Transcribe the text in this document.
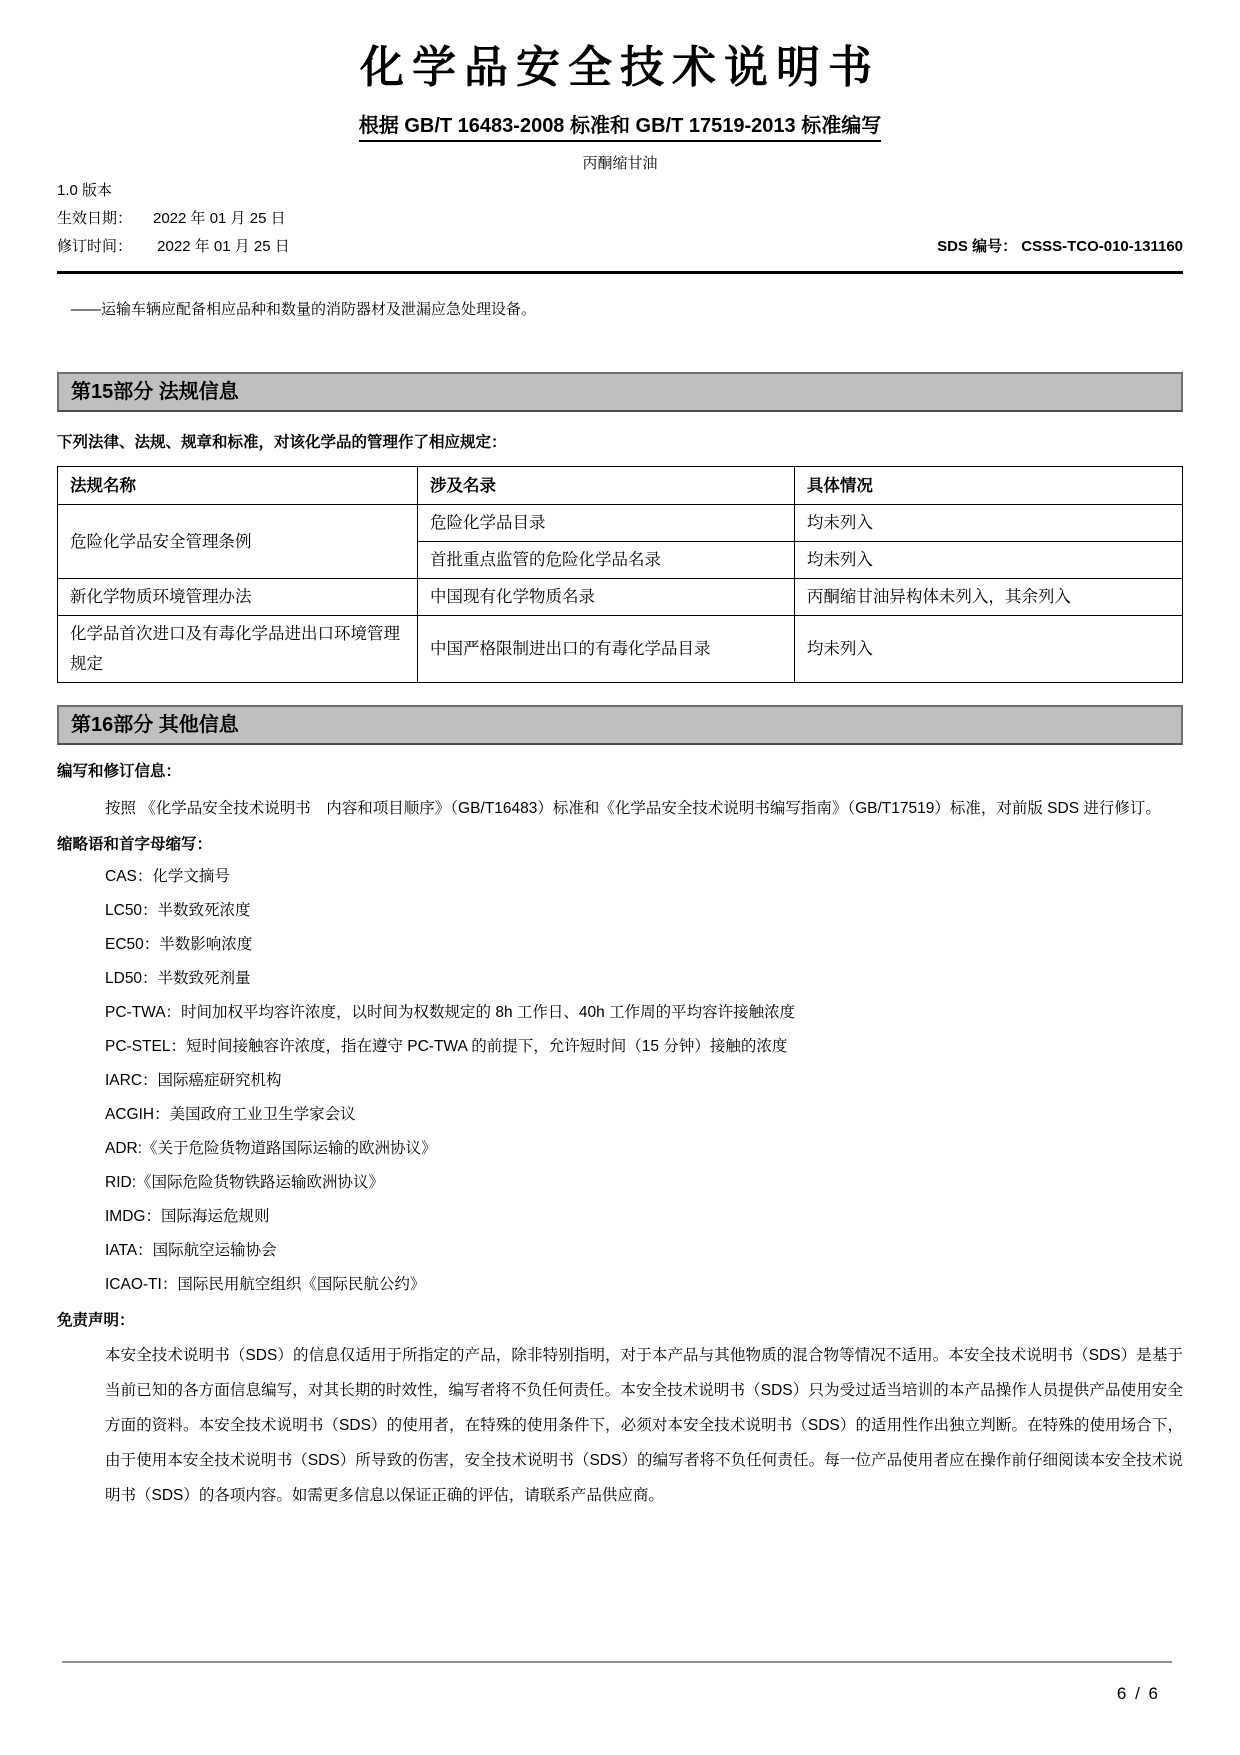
化学品安全技术说明书
根据 GB/T 16483-2008 标准和 GB/T 17519-2013 标准编写
丙酮缩甘油
1.0 版本
生效日期：	2022 年 01 月 25 日
修订时间： 2022 年 01 月 25 日	SDS 编号： CSSS-TCO-010-131160
——运输车辆应配备相应品种和数量的消防器材及泄漏应急处理设备。
第15部分 法规信息
下列法律、法规、规章和标准，对该化学品的管理作了相应规定：
法规名称	涉及名录	具体情况
危险化学品安全管理条例	危险化学品目录	均未列入
	首批重点监管的危险化学品名录	均未列入
新化学物质环境管理办法	中国现有化学物质名录	丙酮缩甘油异构体未列入，其余列入
化学品首次进口及有毒化学品进出口环境管理规定	中国严格限制进出口的有毒化学品目录	均未列入
第16部分 其他信息
编写和修订信息：
按照 《化学品安全技术说明书　内容和项目顺序》（GB/T16483）标准和《化学品安全技术说明书编写指南》（GB/T17519）标准，对前版 SDS 进行修订。
缩略语和首字母缩写：
CAS：化学文摘号
LC50：半数致死浓度
EC50：半数影响浓度
LD50：半数致死剂量
PC-TWA：时间加权平均容许浓度，以时间为权数规定的 8h 工作日、40h 工作周的平均容许接触浓度
PC-STEL：短时间接触容许浓度，指在遵守 PC-TWA 的前提下，允许短时间（15 分钟）接触的浓度
IARC：国际癌症研究机构
ACGIH：美国政府工业卫生学家会议
ADR:《关于危险货物道路国际运输的欧洲协议》
RID:《国际危险货物铁路运输欧洲协议》
IMDG：国际海运危规则
IATA：国际航空运输协会
ICAO-TI：国际民用航空组织《国际民航公约》
免责声明：
本安全技术说明书（SDS）的信息仅适用于所指定的产品，除非特别指明，对于本产品与其他物质的混合物等情况不适用。本安全技术说明书（SDS）是基于当前已知的各方面信息编写，对其长期的时效性，编写者将不负任何责任。本安全技术说明书（SDS）只为受过适当培训的本产品操作人员提供产品使用安全方面的资料。本安全技术说明书（SDS）的使用者，在特殊的使用条件下，必须对本安全技术说明书（SDS）的适用性作出独立判断。在特殊的使用场合下，由于使用本安全技术说明书（SDS）所导致的伤害，安全技术说明书（SDS）的编写者将不负任何责任。每一位产品使用者应在操作前仔细阅读本安全技术说明书（SDS）的各项内容。如需更多信息以保证正确的评估，请联系产品供应商。
6 / 6
